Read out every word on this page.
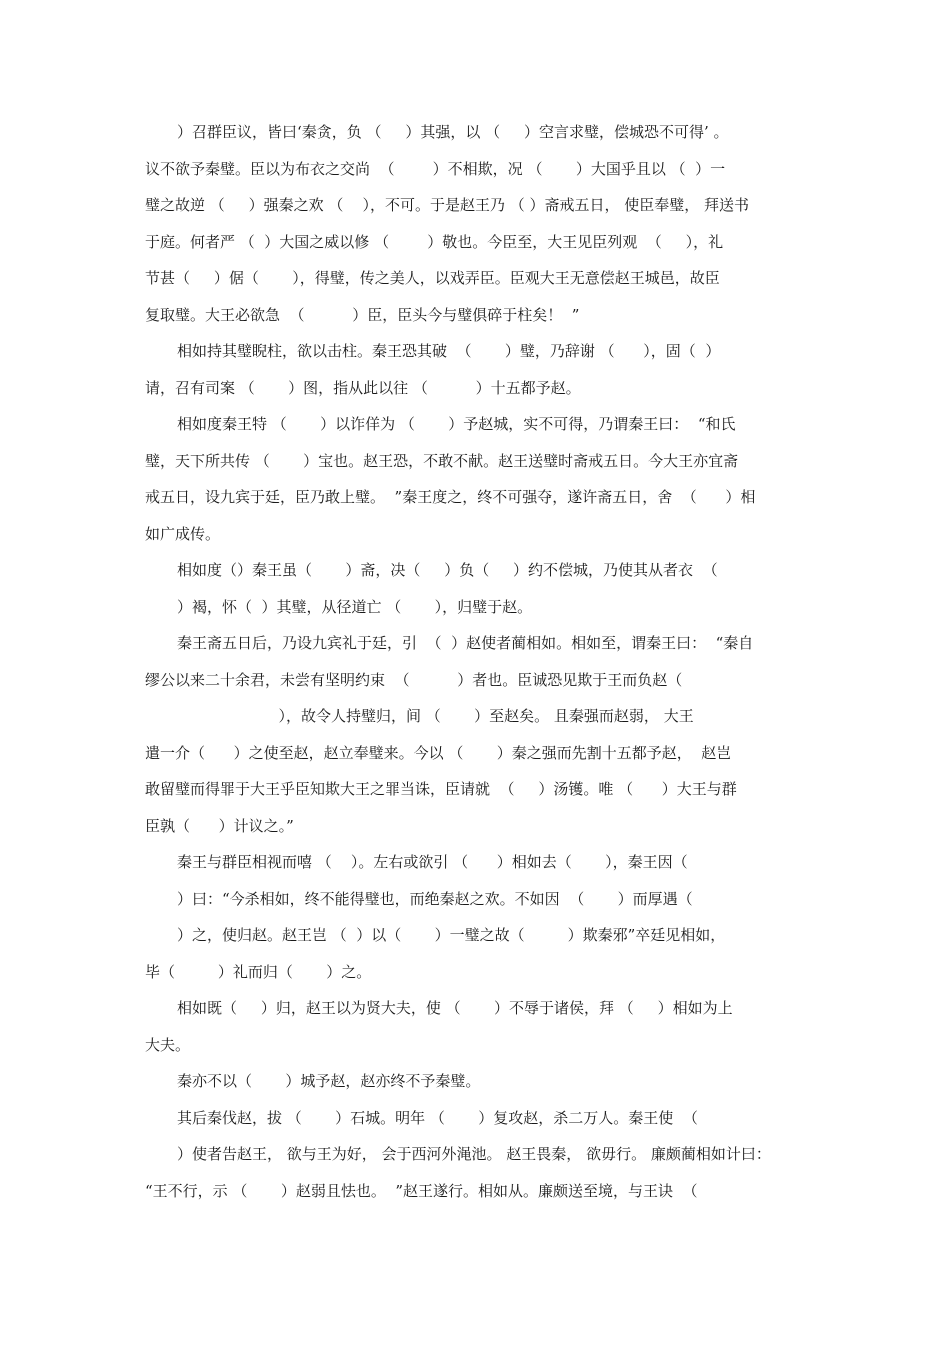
）召群臣议，皆曰‘秦贪，负 （     ）其强，以 （     ）空言求璧，偿城恐不可得’ 。
议不欲予秦璧。臣以为布衣之交尚  （        ）不相欺，况 （       ）大国乎且以 （  ）一
璧之故逆 （     ）强秦之欢 （    ），不可。于是赵王乃 （ ）斋戒五日， 使臣奉璧， 拜送书
于庭。何者严 （  ）大国之威以修 （        ）敬也。今臣至，大王见臣列观  （     ），礼
节甚（     ）倨（       ），得璧，传之美人，以戏弄臣。臣观大王无意偿赵王城邑，故臣
复取璧。大王必欲急  （          ）臣，臣头今与璧俱碎于柱矣！  ”
相如持其璧睨柱，欲以击柱。秦王恐其破  （       ）璧，乃辞谢 （      ），固（  ）
请，召有司案 （       ）图，指从此以往 （          ）十五都予赵。
相如度秦王特 （       ）以诈佯为 （       ）予赵城，实不可得，乃谓秦王曰：  “和氏
璧，天下所共传 （       ）宝也。赵王恐，不敢不献。赵王送璧时斋戒五日。今大王亦宜斋
戒五日，设九宾于廷，臣乃敢上璧。  ”秦王度之，终不可强夺，遂许斋五日，舍  （      ）相
如广成传。
相如度（）秦王虽（       ）斋，决（     ）负（     ）约不偿城，乃使其从者衣  （
）褐，怀（  ）其璧，从径道亡 （       ），归璧于赵。
秦王斋五日后，乃设九宾礼于廷，引  （  ）赵使者蔺相如。相如至，谓秦王曰：  “秦自
缪公以来二十余君，未尝有坚明约束  （          ）者也。臣诚恐见欺于王而负赵（
），故令人持璧归，间 （       ）至赵矣。 且秦强而赵弱， 大王
遣一介（      ）之使至赵，赵立奉璧来。今以 （       ）秦之强而先割十五都予赵，  赵岂
敢留璧而得罪于大王乎臣知欺大王之罪当诛，臣请就  （     ）汤镬。唯 （      ）大王与群
臣孰（      ）计议之。”
秦王与群臣相视而嘻 （    ）。左右或欲引 （      ）相如去（       ），秦王因（
）曰：“今杀相如，终不能得璧也，而绝秦赵之欢。不如因  （       ）而厚遇（
）之，使归赵。赵王岂 （  ）以（       ）一璧之故（         ）欺秦邪”卒廷见相如，
毕（         ）礼而归（       ）之。
相如既（     ）归，赵王以为贤大夫，使 （       ）不辱于诸侯，拜 （     ）相如为上
大夫。
秦亦不以（       ）城予赵，赵亦终不予秦璧。
其后秦伐赵，拔 （       ）石城。明年 （       ）复攻赵，杀二万人。秦王使  （
）使者告赵王， 欲与王为好， 会于西河外渑池。 赵王畏秦， 欲毋行。 廉颇蔺相如计曰：
“王不行，示 （       ）赵弱且怯也。  ”赵王遂行。相如从。廉颇送至境，与王诀  （
